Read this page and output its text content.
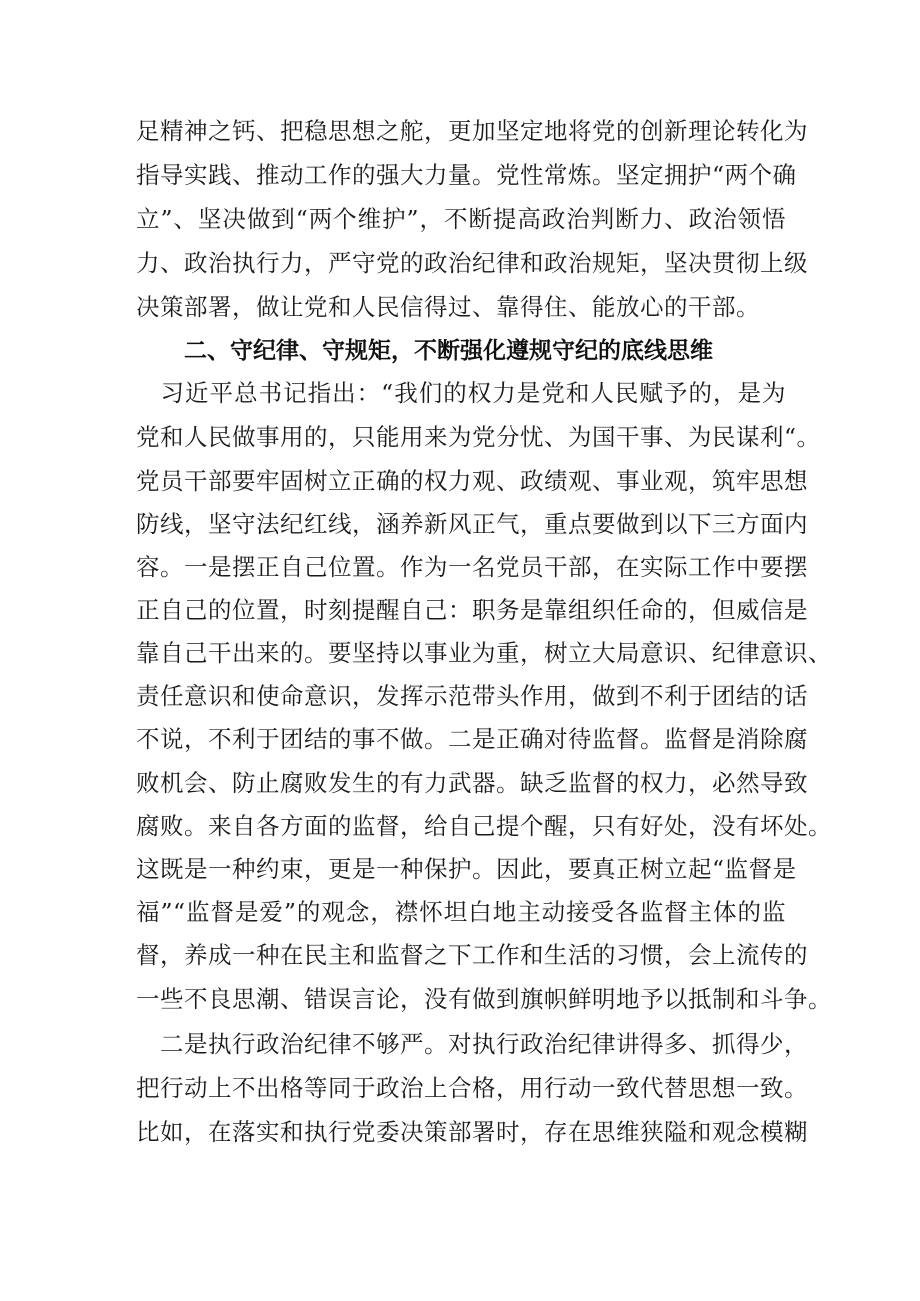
足精神之钙、把稳思想之舵，更加坚定地将党的创新理论转化为
指导实践、推动工作的强大力量。党性常炼。坚定拥护“两个确
立”、坚决做到“两个维护”，不断提高政治判断力、政治领悟
力、政治执行力，严守党的政治纪律和政治规矩，坚决贯彻上级
决策部署，做让党和人民信得过、靠得住、能放心的干部。
二、守纪律、守规矩，不断强化遵规守纪的底线思维
　习近平总书记指出：“我们的权力是党和人民赋予的，是为
党和人民做事用的，只能用来为党分忧、为国干事、为民谋利“。
党员干部要牢固树立正确的权力观、政绩观、事业观，筑牢思想
防线，坚守法纪红线，涵养新风正气，重点要做到以下三方面内
容。一是摆正自己位置。作为一名党员干部，在实际工作中要摆
正自己的位置，时刻提醒自己：职务是靠组织任命的，但威信是
靠自己干出来的。要坚持以事业为重，树立大局意识、纪律意识、
责任意识和使命意识，发挥示范带头作用，做到不利于团结的话
不说，不利于团结的事不做。二是正确对待监督。监督是消除腐
败机会、防止腐败发生的有力武器。缺乏监督的权力，必然导致
腐败。来自各方面的监督，给自己提个醒，只有好处，没有坏处。
这既是一种约束，更是一种保护。因此，要真正树立起“监督是
福”“监督是爱”的观念，襟怀坦白地主动接受各监督主体的监
督，养成一种在民主和监督之下工作和生活的习惯，会上流传的
一些不良思潮、错误言论，没有做到旗帜鲜明地予以抵制和斗争。
　二是执行政治纪律不够严。对执行政治纪律讲得多、抓得少，
把行动上不出格等同于政治上合格，用行动一致代替思想一致。
比如，在落实和执行党委决策部署时，存在思维狭隘和观念模糊
